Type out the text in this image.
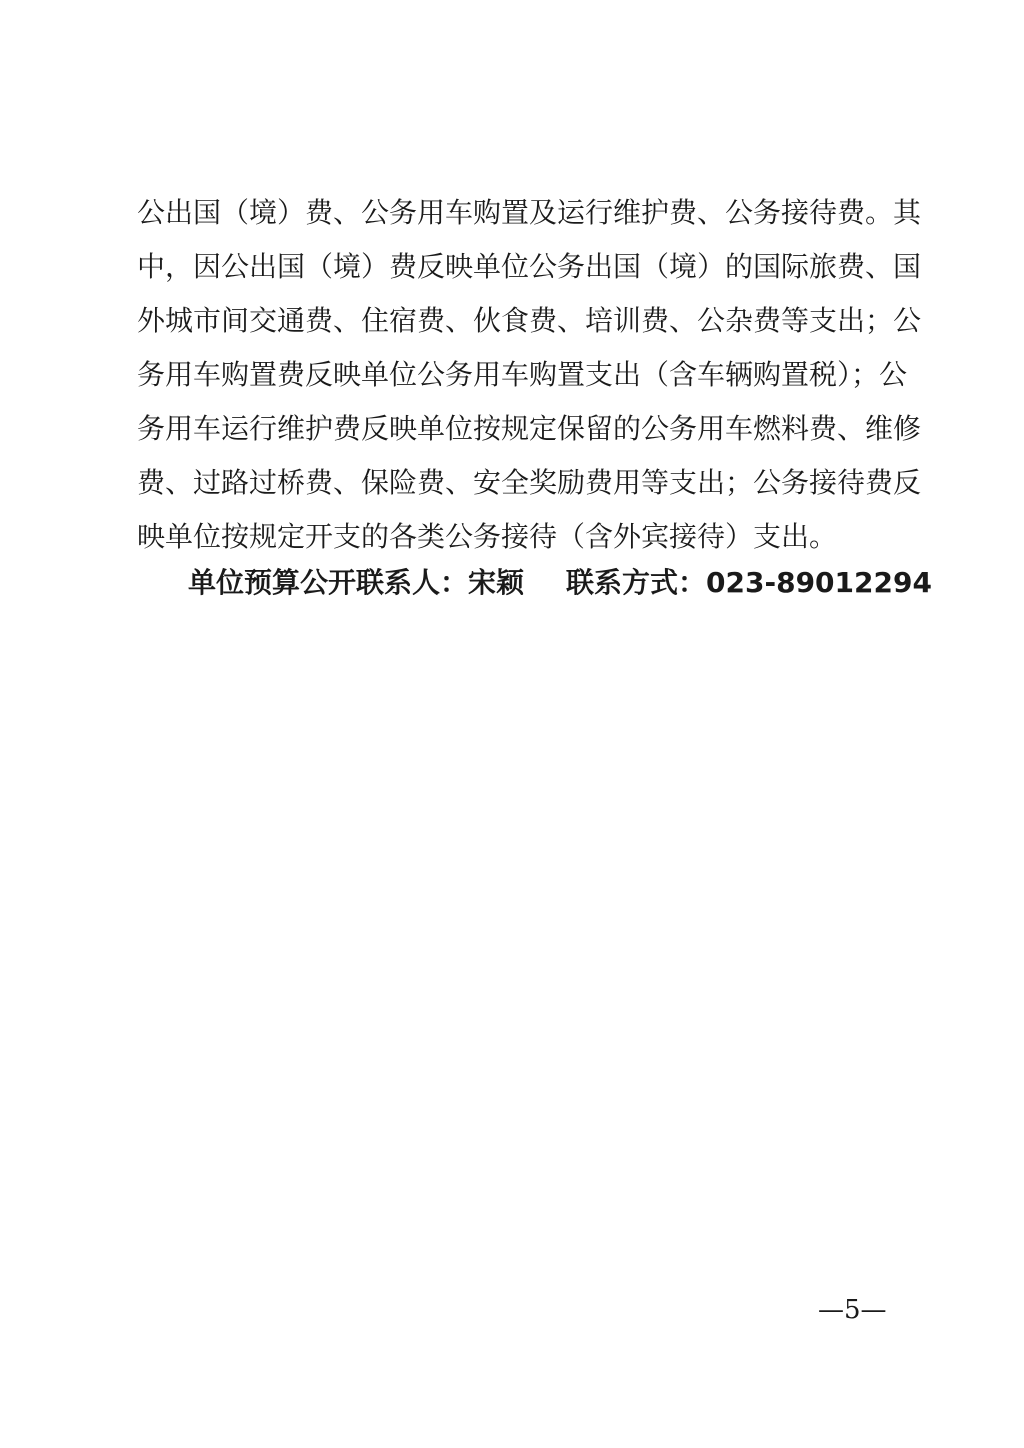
公出国（境）费、公务用车购置及运行维护费、公务接待费。其
中，因公出国（境）费反映单位公务出国（境）的国际旅费、国
外城市间交通费、住宿费、伙食费、培训费、公杂费等支出；公
务用车购置费反映单位公务用车购置支出（含车辆购置税）；公
务用车运行维护费反映单位按规定保留的公务用车燃料费、维修
费、过路过桥费、保险费、安全奖励费用等支出；公务接待费反
映单位按规定开支的各类公务接待（含外宾接待）支出。
单位预算公开联系人：宋颖 联系方式：023-89012294
—5—
